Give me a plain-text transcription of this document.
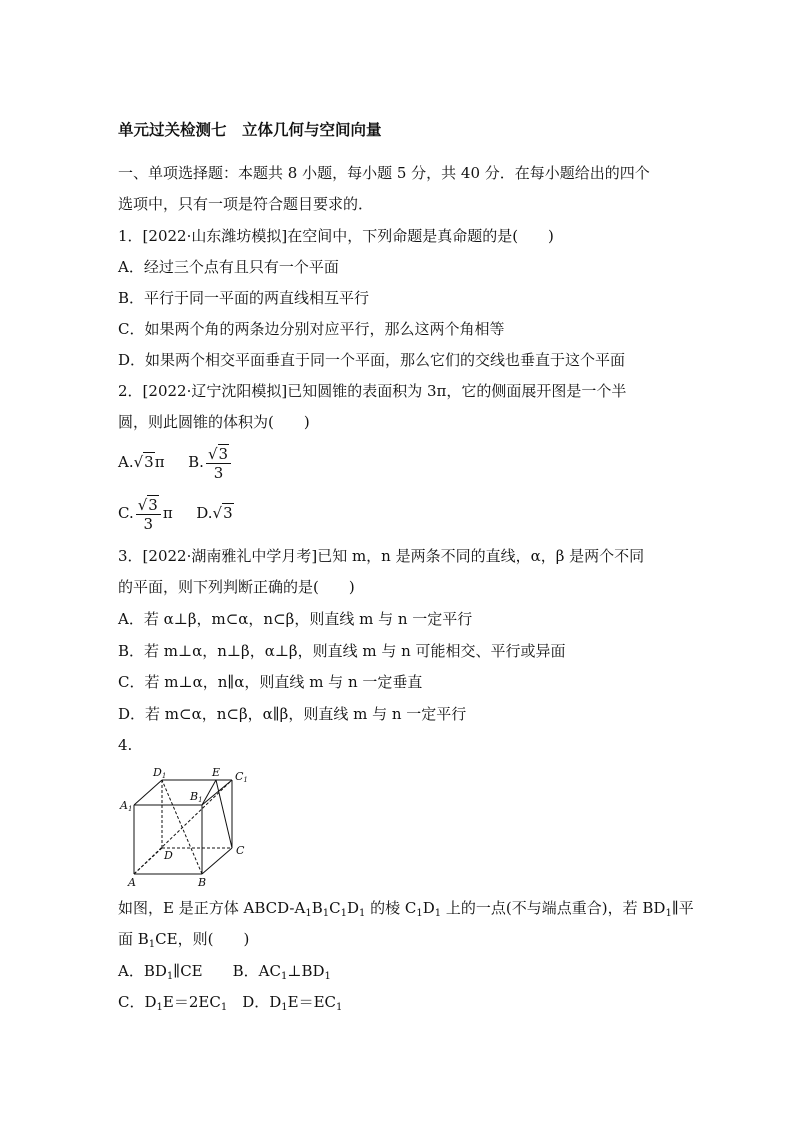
单元过关检测七　立体几何与空间向量
一、单项选择题：本题共 8 小题，每小题 5 分，共 40 分．在每小题给出的四个
选项中，只有一项是符合题目要求的．
1．[2022·山东潍坊模拟]在空间中，下列命题是真命题的是(　　)
A．经过三个点有且只有一个平面
B．平行于同一平面的两直线相互平行
C．如果两个角的两条边分别对应平行，那么这两个角相等
D．如果两个相交平面垂直于同一个平面，那么它们的交线也垂直于这个平面
2．[2022·辽宁沈阳模拟]已知圆锥的表面积为 3π，它的侧面展开图是一个半
圆，则此圆锥的体积为(　　)
A.√3π B. $\frac{√3}{3}$
C. $\frac{√3}{3}$ π D.√3
3．[2022·湖南雅礼中学月考]已知 m，n 是两条不同的直线，α，β 是两个不同
的平面，则下列判断正确的是(　　)
A．若 α⊥β，m⊂α，n⊂β，则直线 m 与 n 一定平行
B．若 m⊥α，n⊥β，α⊥β，则直线 m 与 n 可能相交、平行或异面
C．若 m⊥α，n∥α，则直线 m 与 n 一定垂直
D．若 m⊂α，n⊂β，α∥β，则直线 m 与 n 一定平行
4.
D1	E C1
A1
B1
D	C
A	B
如图，E 是正方体 ABCD-$A_1B_1C_1D_1$ 的棱 $C_1D_1$ 上的一点(不与端点重合)，若 $BD_1\parallel$平
面 $B_1CE$，则(　　)
A．$BD_1\parallel CE$　　B．$AC_1\perp BD_1$
C．$D_1E=2EC_1$　D．$D_1E=EC_1$
